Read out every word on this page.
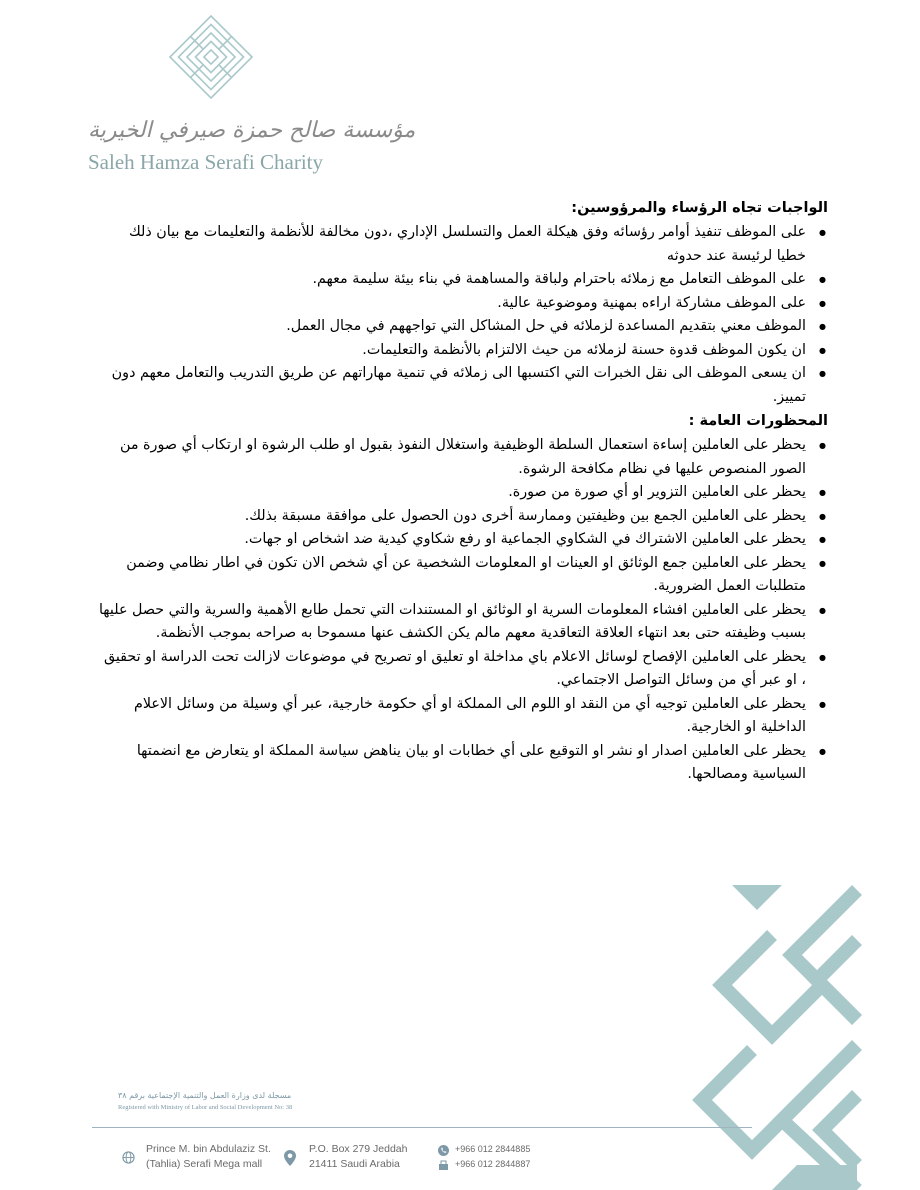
مؤسسة صالح حمزة صيرفي الخيرية
Saleh Hamza Serafi Charity
الواجبات تجاه الرؤساء والمرؤوسين:
● على الموظف تنفيذ أوامر رؤسائه وفق هيكلة العمل والتسلسل الإداري ،دون مخالفة للأنظمة والتعليمات مع بيان ذلك خطيا لرئيسة عند حدوثه
● على الموظف التعامل مع زملائه باحترام ولباقة والمساهمة في بناء بيئة سليمة معهم.
● على الموظف مشاركة اراءه بمهنية وموضوعية عالية.
● الموظف معني بتقديم المساعدة لزملائه في حل المشاكل التي تواجههم في مجال العمل.
● ان يكون الموظف قدوة حسنة لزملائه من حيث الالتزام بالأنظمة والتعليمات.
● ان يسعى الموظف الى نقل الخبرات التي اكتسبها الى زملائه في تنمية مهاراتهم عن طريق التدريب والتعامل معهم دون تمييز.
المحظورات العامة :
● يحظر على العاملين إساءة استعمال السلطة الوظيفية واستغلال النفوذ بقبول او طلب الرشوة او ارتكاب أي صورة من الصور المنصوص عليها في نظام مكافحة الرشوة.
● يحظر على العاملين التزوير او أي صورة من صورة.
● يحظر على العاملين الجمع بين وظيفتين وممارسة أخرى دون الحصول على موافقة مسبقة بذلك.
● يحظر على العاملين الاشتراك في الشكاوي الجماعية او رفع شكاوي كيدية ضد اشخاص او جهات.
● يحظر على العاملين جمع الوثائق او العينات او المعلومات الشخصية عن أي شخص الان تكون في اطار نظامي وضمن متطلبات العمل الضرورية.
● يحظر على العاملين افشاء المعلومات السرية او الوثائق او المستندات التي تحمل طابع الأهمية والسرية والتي حصل عليها بسبب وظيفته حتى بعد انتهاء العلاقة التعاقدية معهم مالم يكن الكشف عنها مسموحا به صراحه بموجب الأنظمة.
● يحظر على العاملين الإفصاح لوسائل الاعلام باي مداخلة او تعليق او تصريح في موضوعات لازالت تحت الدراسة او تحقيق ، او عبر أي من وسائل التواصل الاجتماعي.
● يحظر على العاملين توجيه أي من النقد او اللوم الى المملكة او أي حكومة خارجية، عبر أي وسيلة من وسائل الاعلام الداخلية او الخارجية.
● يحظر على العاملين اصدار او نشر او التوقيع على أي خطابات او بيان يناهض سياسة المملكة او يتعارض مع انضمتها السياسية ومصالحها.
مسجلة لدى وزارة العمل والتنمية الإجتماعية برقم ٣٨
Registered with Ministry of Labor and Social Development No: 38
Prince M. bin Abdulaziz St.
(Tahlia) Serafi Mega mall
P.O. Box 279 Jeddah
21411 Saudi Arabia
+966 012 2844885
+966 012 2844887
